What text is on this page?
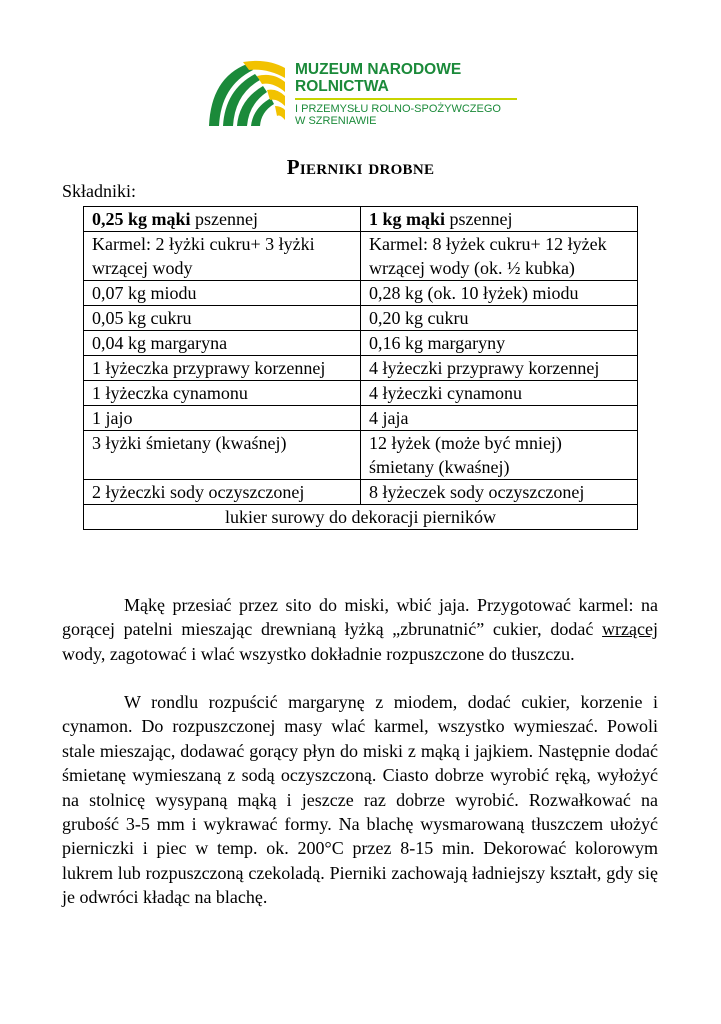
MUZEUM NARODOWE
ROLNICTWA
I PRZEMYSŁU ROLNO-SPOŻYWCZEGO
W SZRENIAWIE
Pierniki drobne
Składniki:
0,25 kg mąki pszennej	1 kg mąki pszennej
Karmel: 2 łyżki cukru+ 3 łyżki wrzącej wody	Karmel: 8 łyżek cukru+ 12 łyżek wrzącej wody (ok. ½ kubka)
0,07 kg miodu	0,28 kg (ok. 10 łyżek) miodu
0,05 kg cukru	0,20 kg cukru
0,04 kg margaryna	0,16 kg margaryny
1 łyżeczka przyprawy korzennej	4 łyżeczki przyprawy korzennej
1 łyżeczka cynamonu	4 łyżeczki cynamonu
1 jajo	4 jaja
3 łyżki śmietany (kwaśnej)	12 łyżek (może być mniej) śmietany (kwaśnej)
2 łyżeczki sody oczyszczonej	8 łyżeczek sody oczyszczonej
lukier surowy do dekoracji pierników	

Mąkę przesiać przez sito do miski, wbić jaja. Przygotować karmel: na gorącej patelni mieszając drewnianą łyżką „zbrunatnić” cukier, dodać wrzącej wody, zagotować i wlać wszystko dokładnie rozpuszczone do tłuszczu.

W rondlu rozpuścić margarynę z miodem, dodać cukier, korzenie i cynamon. Do rozpuszczonej masy wlać karmel, wszystko wymieszać. Powoli stale mieszając, dodawać gorący płyn do miski z mąką i jajkiem. Następnie dodać śmietanę wymieszaną z sodą oczyszczoną. Ciasto dobrze wyrobić ręką, wyłożyć na stolnicę wysypaną mąką i jeszcze raz dobrze wyrobić. Rozwałkować na grubość 3-5 mm i wykrawać formy. Na blachę wysmarowaną tłuszczem ułożyć pierniczki i piec w temp. ok. 200°C przez 8-15 min. Dekorować kolorowym lukrem lub rozpuszczoną czekoladą. Pierniki zachowają ładniejszy kształt, gdy się je odwróci kładąc na blachę.
